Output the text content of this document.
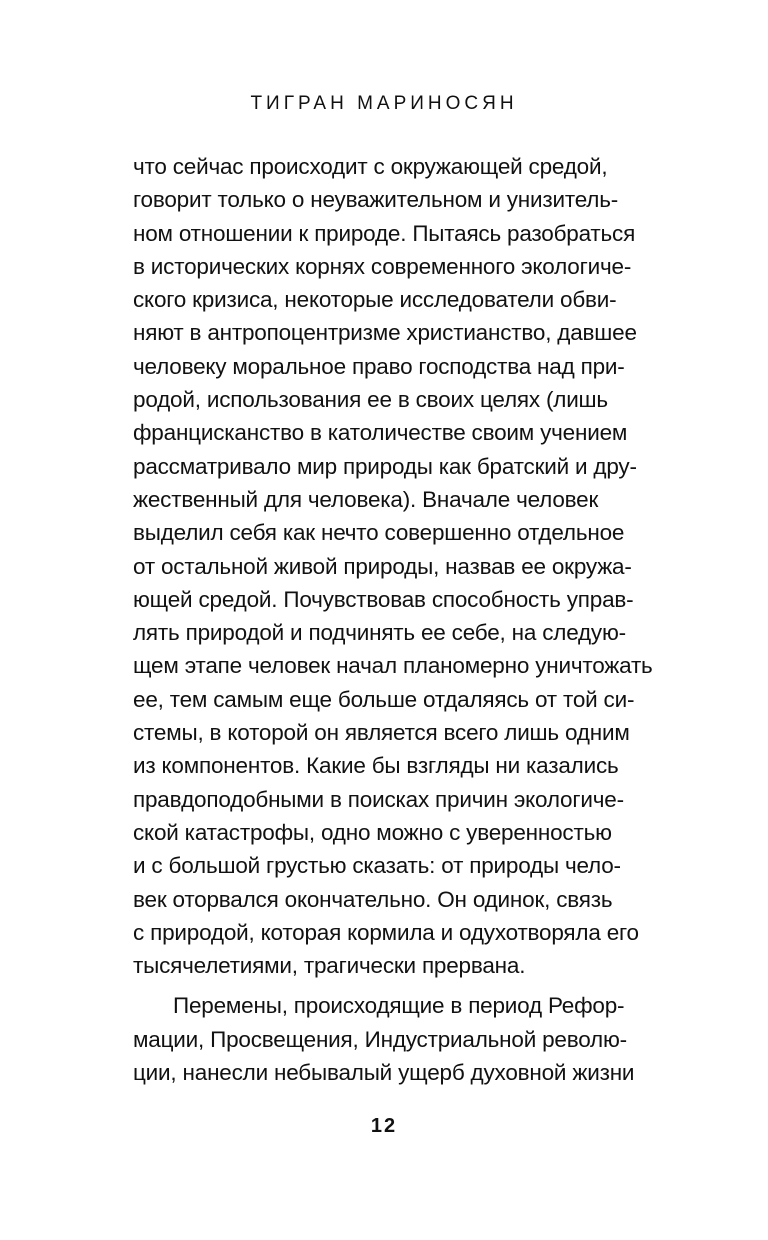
ТИГРАН МАРИНОСЯН
что сейчас происходит с окружающей средой,
говорит только о неуважительном и унизитель-
ном отношении к природе. Пытаясь разобраться
в исторических корнях современного экологиче-
ского кризиса, некоторые исследователи обви-
няют в антропоцентризме христианство, давшее
человеку моральное право господства над при-
родой, использования ее в своих целях (лишь
францисканство в католичестве своим учением
рассматривало мир природы как братский и дру-
жественный для человека). Вначале человек
выделил себя как нечто совершенно отдельное
от остальной живой природы, назвав ее окружа-
ющей средой. Почувствовав способность управ-
лять природой и подчинять ее себе, на следую-
щем этапе человек начал планомерно уничтожать
ее, тем самым еще больше отдаляясь от той си-
стемы, в которой он является всего лишь одним
из компонентов. Какие бы взгляды ни казались
правдоподобными в поисках причин экологиче-
ской катастрофы, одно можно с уверенностью
и с большой грустью сказать: от природы чело-
век оторвался окончательно. Он одинок, связь
с природой, которая кормила и одухотворяла его
тысячелетиями, трагически прервана.
Перемены, происходящие в период Рефор-
мации, Просвещения, Индустриальной револю-
ции, нанесли небывалый ущерб духовной жизни
12
